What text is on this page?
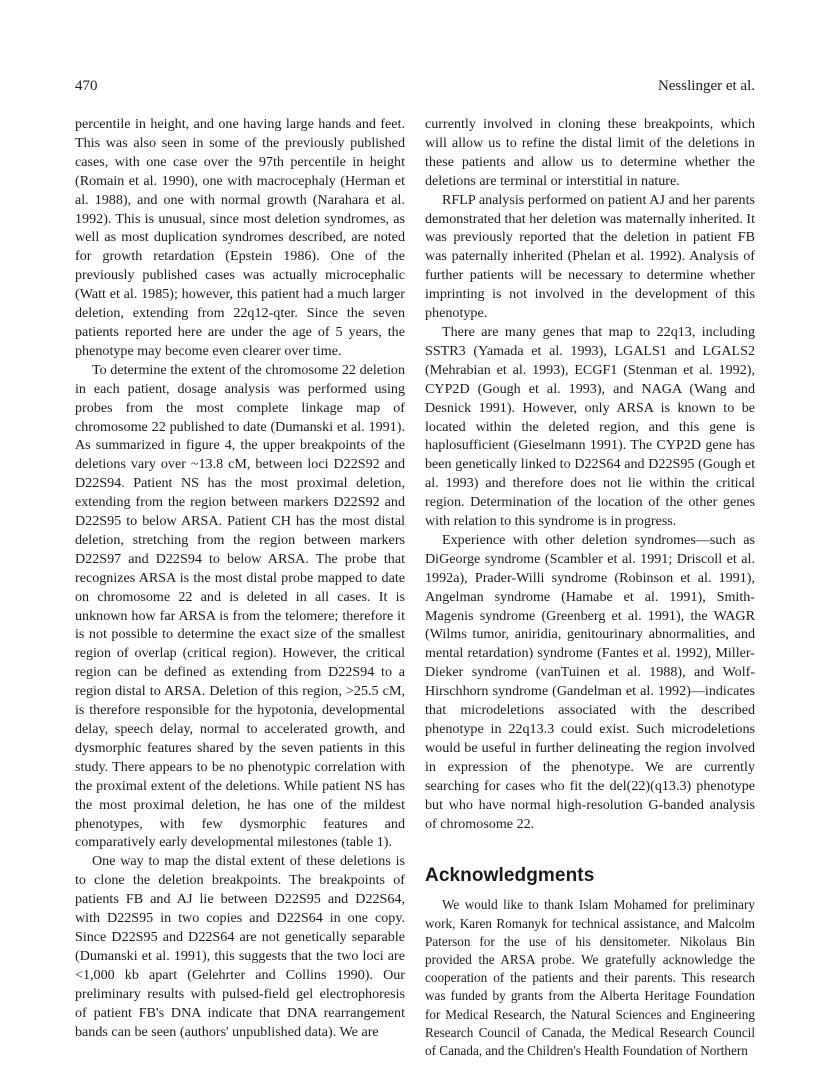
470	Nesslinger et al.

percentile in height, and one having large hands and feet. This was also seen in some of the previously published cases, with one case over the 97th percentile in height (Romain et al. 1990), one with macrocephaly (Herman et al. 1988), and one with normal growth (Narahara et al. 1992). This is unusual, since most deletion syndromes, as well as most duplication syndromes described, are noted for growth retardation (Epstein 1986). One of the previously published cases was actually microcephalic (Watt et al. 1985); however, this patient had a much larger deletion, extending from 22q12-qter. Since the seven patients reported here are under the age of 5 years, the phenotype may become even clearer over time.

To determine the extent of the chromosome 22 deletion in each patient, dosage analysis was performed using probes from the most complete linkage map of chromosome 22 published to date (Dumanski et al. 1991). As summarized in figure 4, the upper breakpoints of the deletions vary over ~13.8 cM, between loci D22S92 and D22S94. Patient NS has the most proximal deletion, extending from the region between markers D22S92 and D22S95 to below ARSA. Patient CH has the most distal deletion, stretching from the region between markers D22S97 and D22S94 to below ARSA. The probe that recognizes ARSA is the most distal probe mapped to date on chromosome 22 and is deleted in all cases. It is unknown how far ARSA is from the telomere; therefore it is not possible to determine the exact size of the smallest region of overlap (critical region). However, the critical region can be defined as extending from D22S94 to a region distal to ARSA. Deletion of this region, >25.5 cM, is therefore responsible for the hypotonia, developmental delay, speech delay, normal to accelerated growth, and dysmorphic features shared by the seven patients in this study. There appears to be no phenotypic correlation with the proximal extent of the deletions. While patient NS has the most proximal deletion, he has one of the mildest phenotypes, with few dysmorphic features and comparatively early developmental milestones (table 1).

One way to map the distal extent of these deletions is to clone the deletion breakpoints. The breakpoints of patients FB and AJ lie between D22S95 and D22S64, with D22S95 in two copies and D22S64 in one copy. Since D22S95 and D22S64 are not genetically separable (Dumanski et al. 1991), this suggests that the two loci are <1,000 kb apart (Gelehrter and Collins 1990). Our preliminary results with pulsed-field gel electrophoresis of patient FB's DNA indicate that DNA rearrangement bands can be seen (authors' unpublished data). We are

currently involved in cloning these breakpoints, which will allow us to refine the distal limit of the deletions in these patients and allow us to determine whether the deletions are terminal or interstitial in nature.

RFLP analysis performed on patient AJ and her parents demonstrated that her deletion was maternally inherited. It was previously reported that the deletion in patient FB was paternally inherited (Phelan et al. 1992). Analysis of further patients will be necessary to determine whether imprinting is not involved in the development of this phenotype.

There are many genes that map to 22q13, including SSTR3 (Yamada et al. 1993), LGALS1 and LGALS2 (Mehrabian et al. 1993), ECGF1 (Stenman et al. 1992), CYP2D (Gough et al. 1993), and NAGA (Wang and Desnick 1991). However, only ARSA is known to be located within the deleted region, and this gene is haplosufficient (Gieselmann 1991). The CYP2D gene has been genetically linked to D22S64 and D22S95 (Gough et al. 1993) and therefore does not lie within the critical region. Determination of the location of the other genes with relation to this syndrome is in progress.

Experience with other deletion syndromes—such as DiGeorge syndrome (Scambler et al. 1991; Driscoll et al. 1992a), Prader-Willi syndrome (Robinson et al. 1991), Angelman syndrome (Hamabe et al. 1991), Smith-Magenis syndrome (Greenberg et al. 1991), the WAGR (Wilms tumor, aniridia, genitourinary abnormalities, and mental retardation) syndrome (Fantes et al. 1992), Miller-Dieker syndrome (vanTuinen et al. 1988), and Wolf-Hirschhorn syndrome (Gandelman et al. 1992)—indicates that microdeletions associated with the described phenotype in 22q13.3 could exist. Such microdeletions would be useful in further delineating the region involved in expression of the phenotype. We are currently searching for cases who fit the del(22)(q13.3) phenotype but who have normal high-resolution G-banded analysis of chromosome 22.

Acknowledgments

We would like to thank Islam Mohamed for preliminary work, Karen Romanyk for technical assistance, and Malcolm Paterson for the use of his densitometer. Nikolaus Bin provided the ARSA probe. We gratefully acknowledge the cooperation of the patients and their parents. This research was funded by grants from the Alberta Heritage Foundation for Medical Research, the Natural Sciences and Engineering Research Council of Canada, the Medical Research Council of Canada, and the Children's Health Foundation of Northern
